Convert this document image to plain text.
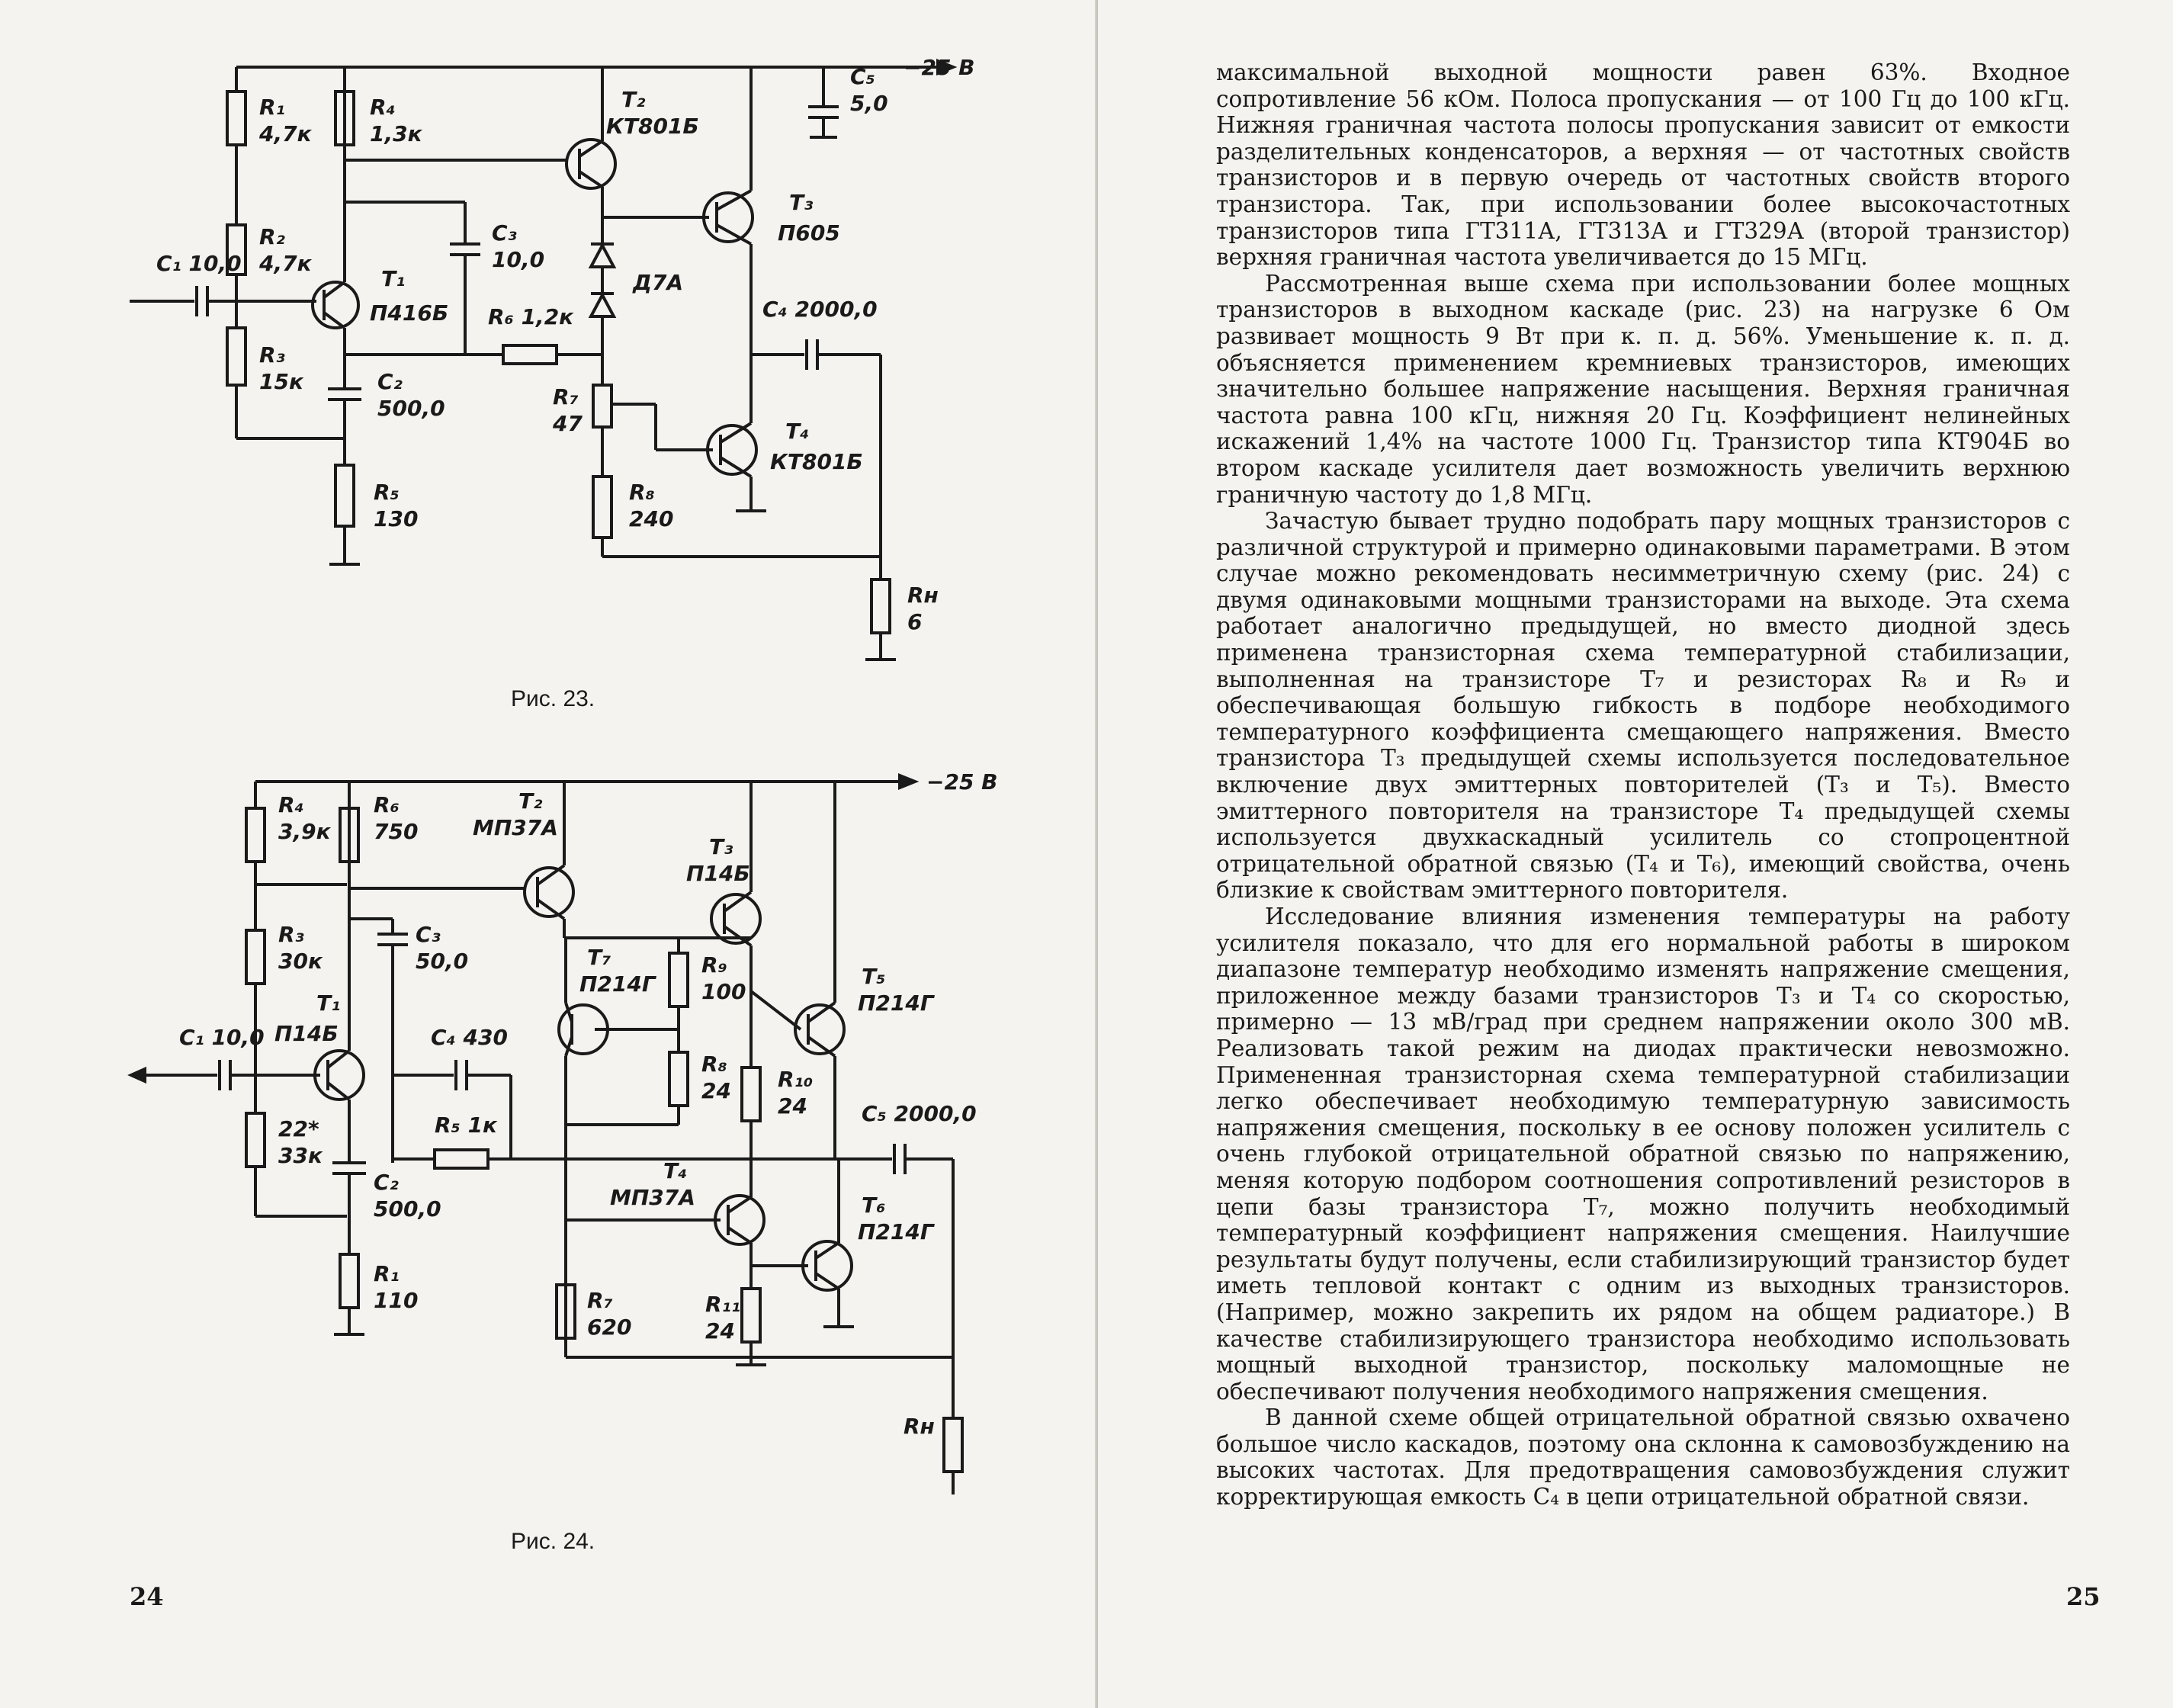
−25 В
R₁
4,7к
R₄
1,3к
R₂
4,7к
R₃
15к
R₅
130
R₆ 1,2к
R₇
47
R₈
240
Rн
6
C₁ 10,0
C₂
500,0
C₃
10,0
C₄ 2000,0
C₅
5,0
T₁
П416Б
T₂
КТ801Б
T₃
П605
T₄
КТ801Б
Д7А
Рис. 23.
−25 В
R₄
3,9к
R₆
750
R₃
30к
22*
33к
R₁
110
R₅ 1к
R₇
620
R₈
24
R₉
100
R₁₀
24
R₁₁
24
Rн
C₁ 10,0
C₂
500,0
C₃
50,0
C₄ 430
C₅ 2000,0
T₁
П14Б
T₂
МП37А
T₃
П14Б
T₄
МП37А
T₅
П214Г
T₆
П214Г
T₇
П214Г
Рис. 24.
24

максимальной выходной мощности равен 63%. Входное сопротивление 56 кОм. Полоса пропускания — от 100 Гц до 100 кГц. Нижняя граничная частота полосы пропускания зависит от емкости разделительных конденсаторов, а верхняя — от частотных свойств транзисторов и в первую очередь от частотных свойств второго транзистора. Так, при использовании более высокочастотных транзисторов типа ГТ311А, ГТ313А и ГТ329А (второй транзистор) верхняя граничная частота увеличивается до 15 МГц.

Рассмотренная выше схема при использовании более мощных транзисторов в выходном каскаде (рис. 23) на нагрузке 6 Ом развивает мощность 9 Вт при к. п. д. 56%. Уменьшение к. п. д. объясняется применением кремниевых транзисторов, имеющих значительно большее напряжение насыщения. Верхняя граничная частота равна 100 кГц, нижняя 20 Гц. Коэффициент нелинейных искажений 1,4% на частоте 1000 Гц. Транзистор типа КТ904Б во втором каскаде усилителя дает возможность увеличить верхнюю граничную частоту до 1,8 МГц.

Зачастую бывает трудно подобрать пару мощных транзисторов с различной структурой и примерно одинаковыми параметрами. В этом случае можно рекомендовать несимметричную схему (рис. 24) с двумя одинаковыми мощными транзисторами на выходе. Эта схема работает аналогично предыдущей, но вместо диодной здесь применена транзисторная схема температурной стабилизации, выполненная на транзисторе T₇ и резисторах R₈ и R₉ и обеспечивающая большую гибкость в подборе необходимого температурного коэффициента смещающего напряжения. Вместо транзистора T₃ предыдущей схемы используется последовательное включение двух эмиттерных повторителей (T₃ и T₅). Вместо эмиттерного повторителя на транзисторе T₄ предыдущей схемы используется двухкаскадный усилитель со стопроцентной отрицательной обратной связью (T₄ и T₆), имеющий свойства, очень близкие к свойствам эмиттерного повторителя.

Исследование влияния изменения температуры на работу усилителя показало, что для его нормальной работы в широком диапазоне температур необходимо изменять напряжение смещения, приложенное между базами транзисторов T₃ и T₄ со скоростью, примерно — 13 мВ/град при среднем напряжении около 300 мВ. Реализовать такой режим на диодах практически невозможно. Примененная транзисторная схема температурной стабилизации легко обеспечивает необходимую температурную зависимость напряжения смещения, поскольку в ее основу положен усилитель с очень глубокой отрицательной обратной связью по напряжению, меняя которую подбором соотношения сопротивлений резисторов в цепи базы транзистора T₇, можно получить необходимый температурный коэффициент напряжения смещения. Наилучшие результаты будут получены, если стабилизирующий транзистор будет иметь тепловой контакт с одним из выходных транзисторов. (Например, можно закрепить их рядом на общем радиаторе.) В качестве стабилизирующего транзистора необходимо использовать мощный выходной транзистор, поскольку маломощные не обеспечивают получения необходимого напряжения смещения.

В данной схеме общей отрицательной обратной связью охвачено большое число каскадов, поэтому она склонна к самовозбуждению на высоких частотах. Для предотвращения самовозбуждения служит корректирующая емкость C₄ в цепи отрицательной обратной связи.

25
